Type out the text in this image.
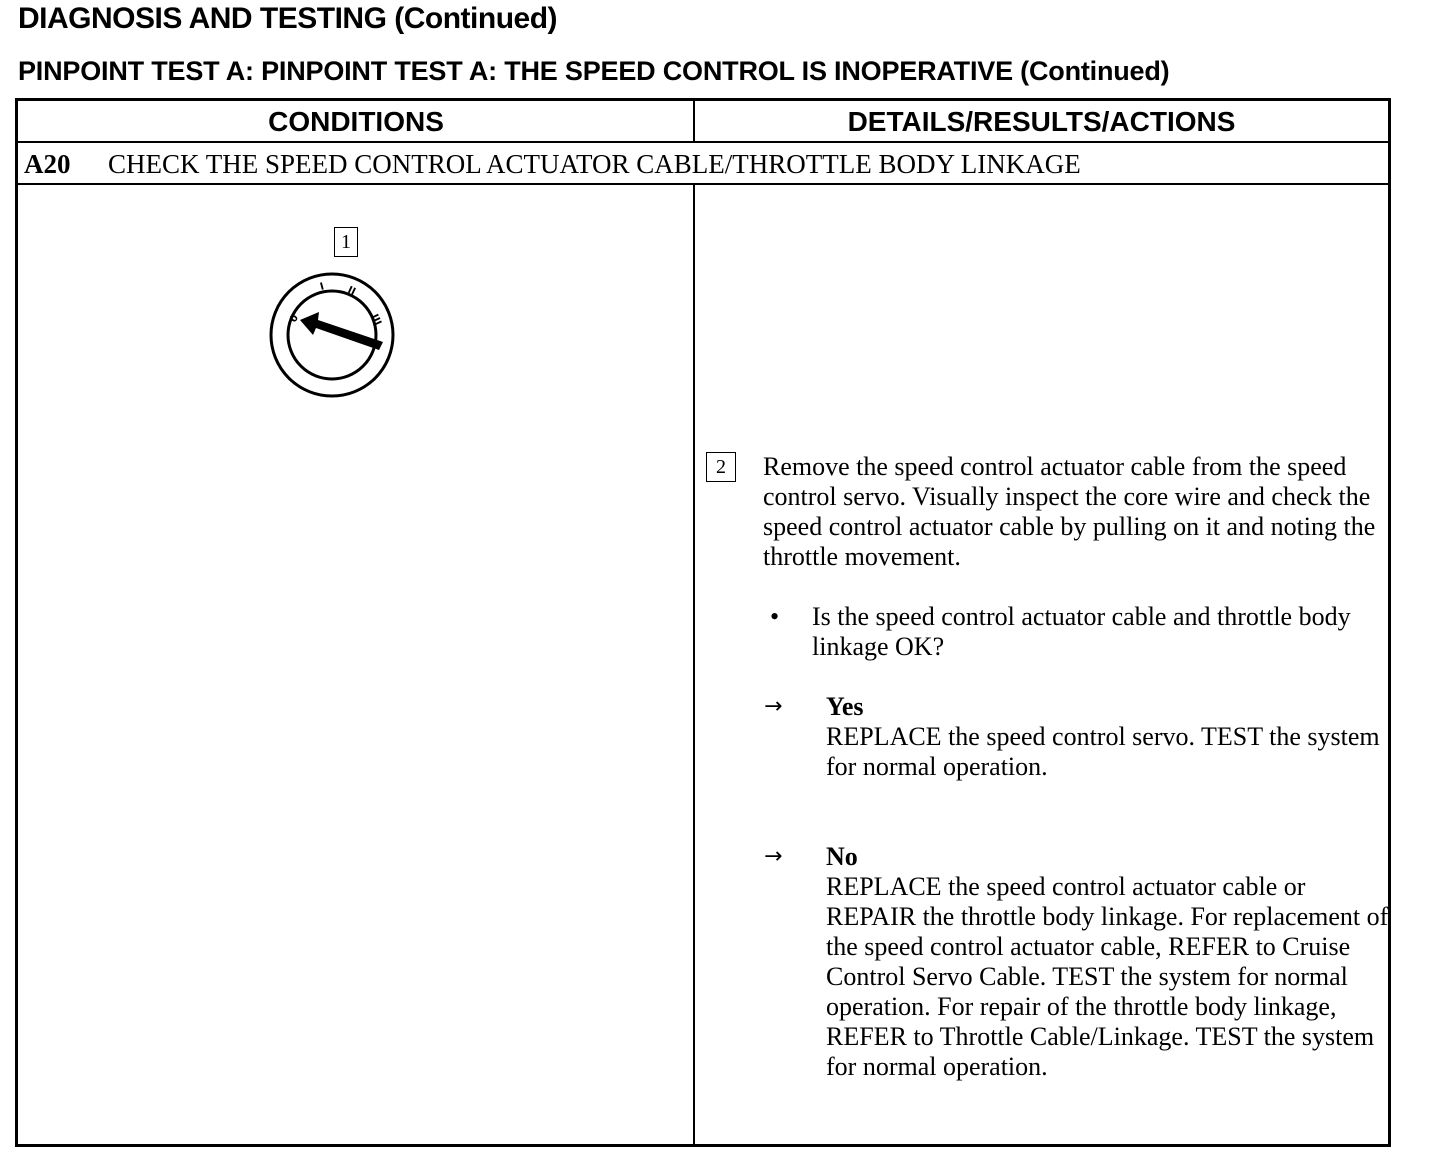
DIAGNOSIS AND TESTING (Continued)
PINPOINT TEST A: PINPOINT TEST A: THE SPEED CONTROL IS INOPERATIVE (Continued)
CONDITIONS	DETAILS/RESULTS/ACTIONS
A20 CHECK THE SPEED CONTROL ACTUATOR CABLE/THROTTLE BODY LINKAGE
1
0
I II
III
2	Remove the speed control actuator cable from the speed control servo. Visually inspect the core wire and check the speed control actuator cable by pulling on it and noting the throttle movement.
• Is the speed control actuator cable and throttle body linkage OK?
→ Yes
REPLACE the speed control servo. TEST the system for normal operation.
→ No
REPLACE the speed control actuator cable or REPAIR the throttle body linkage. For replacement of the speed control actuator cable, REFER to Cruise Control Servo Cable. TEST the system for normal operation. For repair of the throttle body linkage, REFER to Throttle Cable/Linkage. TEST the system for normal operation.
